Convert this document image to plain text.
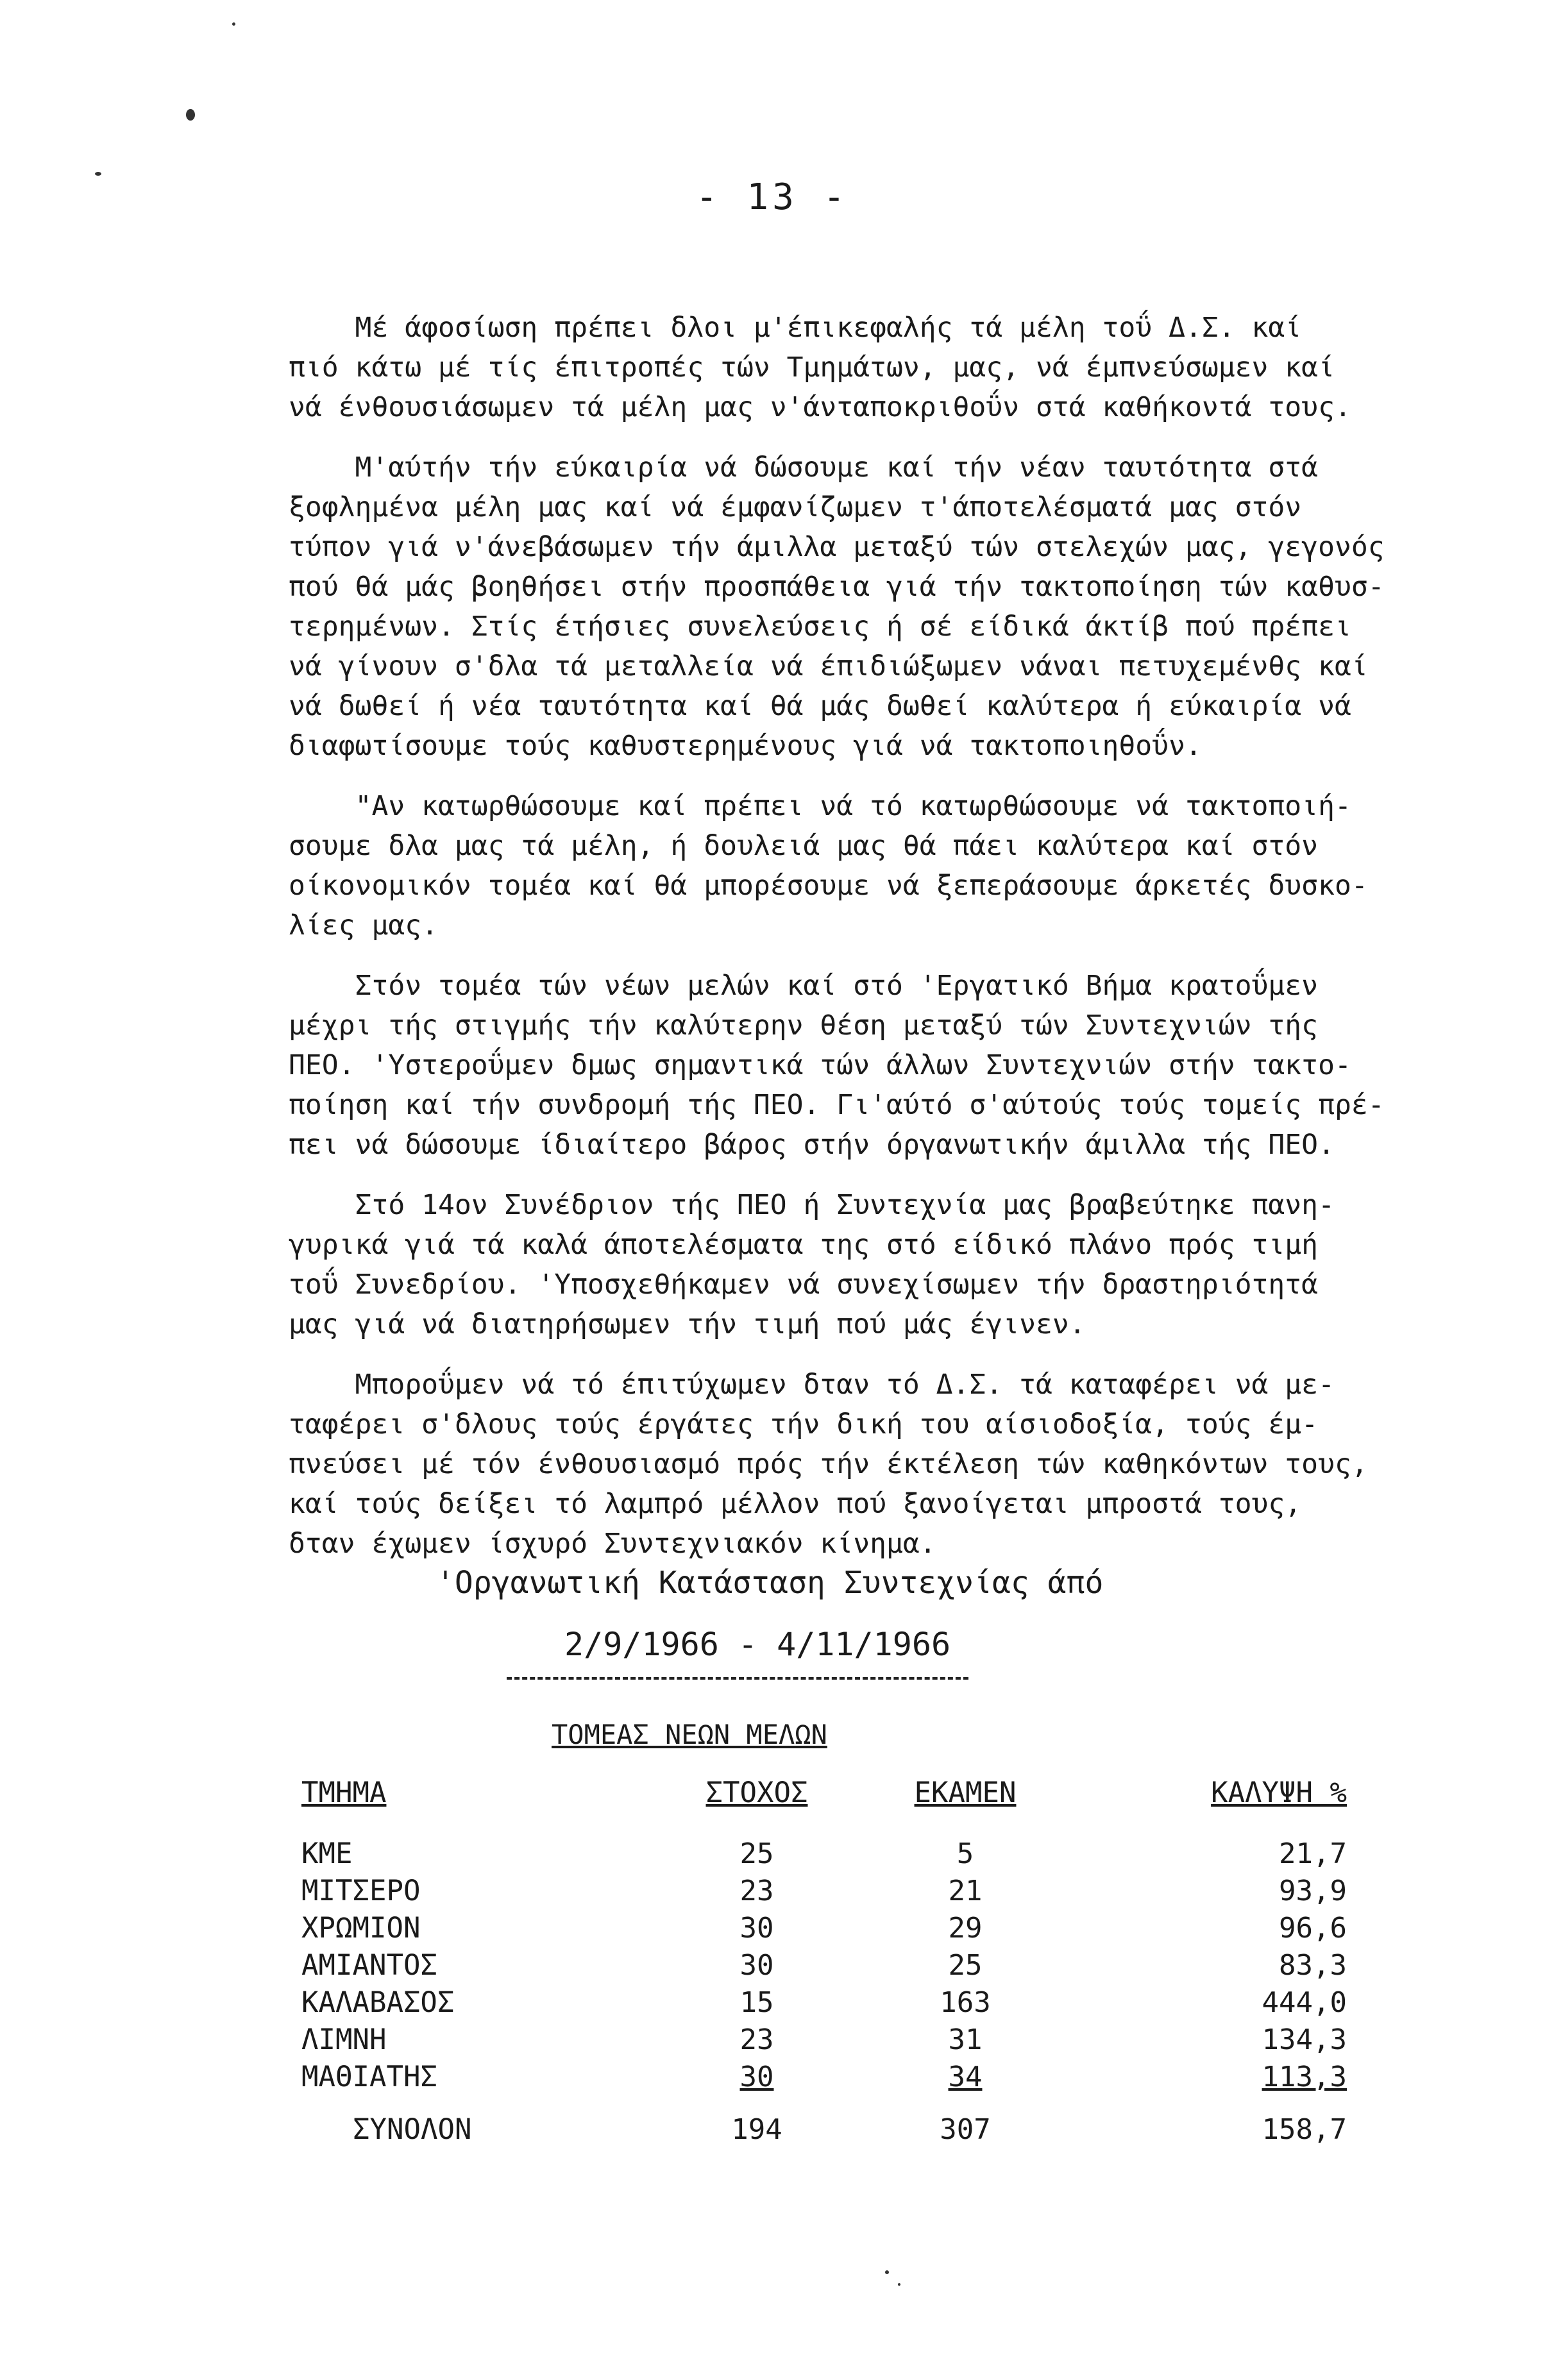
- 13 -
Μέ άφοσίωση πρέπει δλοι μ'έπικεφαλής τά μέλη τοΰ Δ.Σ. καί
πιό κάτω μέ τίς έπιτροπές τών Τμημάτων, μας, νά έμπνεύσωμεν καί
νά ένθουσιάσωμεν τά μέλη μας ν'άνταποκριθοΰν στά καθήκοντά τους.
Μ'αύτήν τήν εύκαιρία νά δώσουμε καί τήν νέαν ταυτότητα στά
ξοφλημένα μέλη μας καί νά έμφανίζωμεν τ'άποτελέσματά μας στόν
τύπον γιά ν'άνεβάσωμεν τήν άμιλλα μεταξύ τών στελεχών μας, γεγονός
πού θά μάς βοηθήσει στήν προσπάθεια γιά τήν τακτοποίηση τών καθυσ-
τερημένων. Στίς έτήσιες συνελεύσεις ή σέ είδικά άκτίβ πού πρέπει
νά γίνουν σ'δλα τά μεταλλεία νά έπιδιώξωμεν νάναι πετυχεμένθς καί
νά δωθεί ή νέα ταυτότητα καί θά μάς δωθεί καλύτερα ή εύκαιρία νά
διαφωτίσουμε τούς καθυστερημένους γιά νά τακτοποιηθοΰν.
"Αν κατωρθώσουμε καί πρέπει νά τό κατωρθώσουμε νά τακτοποιή-
σουμε δλα μας τά μέλη, ή δουλειά μας θά πάει καλύτερα καί στόν
οίκονομικόν τομέα καί θά μπορέσουμε νά ξεπεράσουμε άρκετές δυσκο-
λίες μας.
Στόν τομέα τών νέων μελών καί στό 'Εργατικό Βήμα κρατοΰμεν
μέχρι τής στιγμής τήν καλύτερην θέση μεταξύ τών Συντεχνιών τής
ΠΕΟ. 'Υστεροΰμεν δμως σημαντικά τών άλλων Συντεχνιών στήν τακτο-
ποίηση καί τήν συνδρομή τής ΠΕΟ. Γι'αύτό σ'αύτούς τούς τομείς πρέ-
πει νά δώσουμε ίδιαίτερο βάρος στήν όργανωτικήν άμιλλα τής ΠΕΟ.
Στό 14ον Συνέδριον τής ΠΕΟ ή Συντεχνία μας βραβεύτηκε πανη-
γυρικά γιά τά καλά άποτελέσματα της στό είδικό πλάνο πρός τιμή
τοΰ Συνεδρίου. 'Υποσχεθήκαμεν νά συνεχίσωμεν τήν δραστηριότητά
μας γιά νά διατηρήσωμεν τήν τιμή πού μάς έγινεν.
Μποροΰμεν νά τό έπιτύχωμεν δταν τό Δ.Σ. τά καταφέρει νά με-
ταφέρει σ'δλους τούς έργάτες τήν δική του αίσιοδοξία, τούς έμ-
πνεύσει μέ τόν ένθουσιασμό πρός τήν έκτέλεση τών καθηκόντων τους,
καί τούς δείξει τό λαμπρό μέλλον πού ξανοίγεται μπροστά τους,
δταν έχωμεν ίσχυρό Συντεχνιακόν κίνημα.
'Οργανωτική Κατάσταση Συντεχνίας άπό
2/9/1966 - 4/11/1966
ΤΟΜΕΑΣ ΝΕΩΝ ΜΕΛΩΝ
ΤΜΗΜΑ	ΣΤΟΧΟΣ	ΕΚΑΜΕΝ	ΚΑΛΥΨΗ %
ΚΜΕ	25	5	21,7
ΜΙΤΣΕΡΟ	23	21	93,9
ΧΡΩΜΙΟΝ	30	29	96,6
ΑΜΙΑΝΤΟΣ	30	25	83,3
ΚΑΛΑΒΑΣΟΣ	15	163	444,0
ΛΙΜΝΗ	23	31	134,3
ΜΑΘΙΑΤΗΣ	30	34	113,3
ΣΥΝΟΛΟΝ	194	307	158,7
